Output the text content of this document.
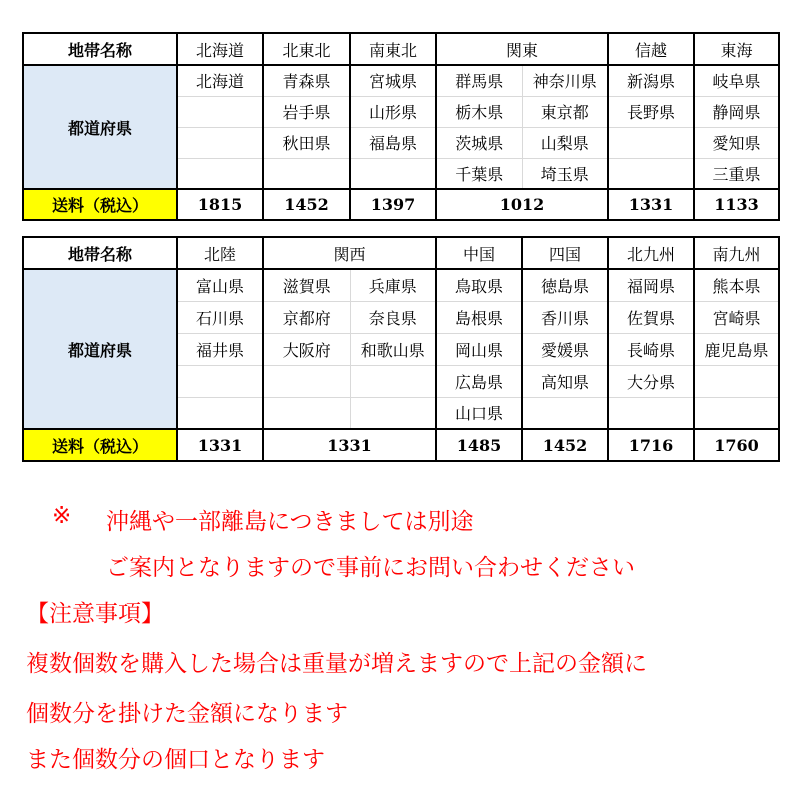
地帯名称	北海道	北東北	南東北	関東		信越	東海
都道府県	北海道	青森県	宮城県	群馬県	神奈川県	新潟県	岐阜県
		岩手県	山形県	栃木県	東京都	長野県	静岡県
		秋田県	福島県	茨城県	山梨県		愛知県
				千葉県	埼玉県		三重県
送料（税込）	1815	1452	1397	1012		1331	1133
地帯名称	北陸	関西		中国	四国	北九州	南九州
都道府県	富山県	滋賀県	兵庫県	鳥取県	徳島県	福岡県	熊本県
	石川県	京都府	奈良県	島根県	香川県	佐賀県	宮崎県
	福井県	大阪府	和歌山県	岡山県	愛媛県	長崎県	鹿児島県
				広島県	高知県	大分県	
				山口県			
送料（税込）	1331	1331		1485	1452	1716	1760
※ 沖縄や一部離島につきましては別途
ご案内となりますので事前にお問い合わせください
【注意事項】
複数個数を購入した場合は重量が増えますので上記の金額に
個数分を掛けた金額になります
また個数分の個口となります
